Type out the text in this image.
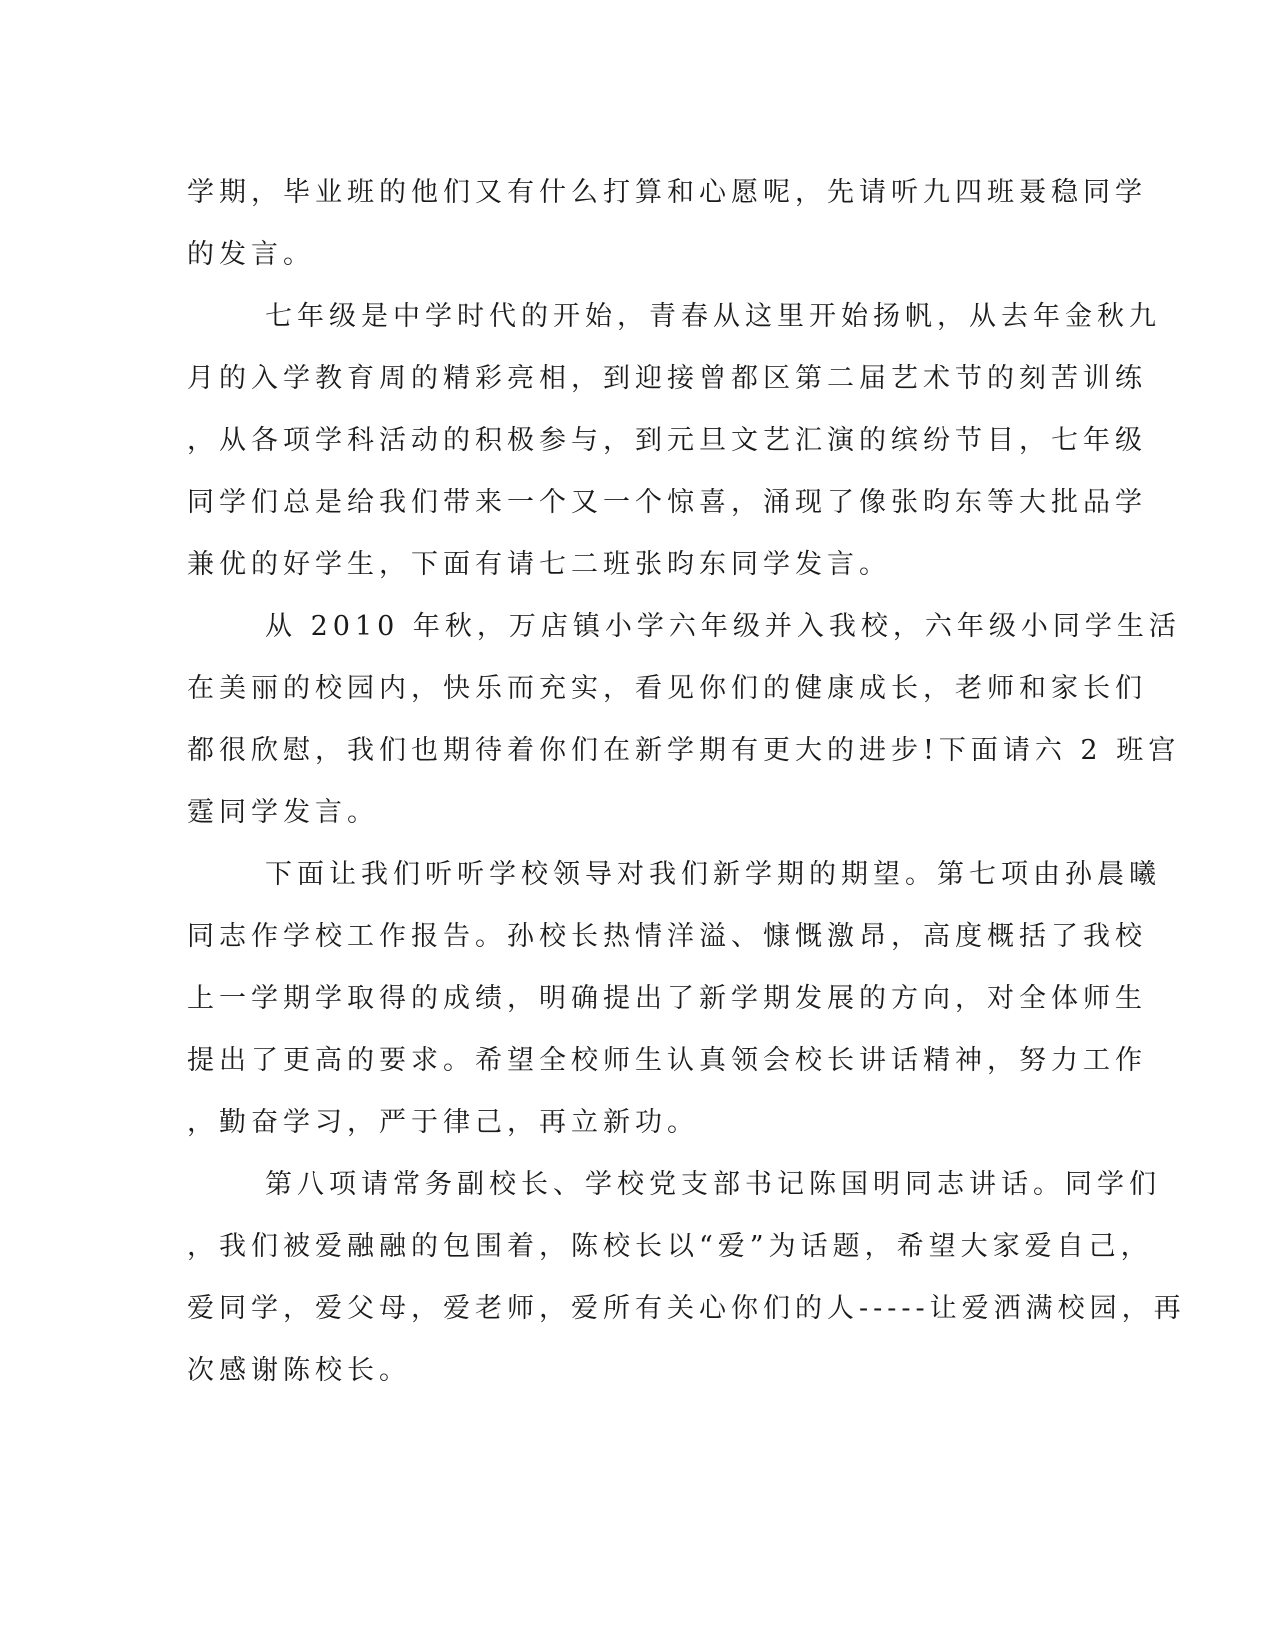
学期，毕业班的他们又有什么打算和心愿呢，先请听九四班聂稳同学
的发言。
七年级是中学时代的开始，青春从这里开始扬帆，从去年金秋九
月的入学教育周的精彩亮相，到迎接曾都区第二届艺术节的刻苦训练
，从各项学科活动的积极参与，到元旦文艺汇演的缤纷节目，七年级
同学们总是给我们带来一个又一个惊喜，涌现了像张昀东等大批品学
兼优的好学生，下面有请七二班张昀东同学发言。
从 2010 年秋，万店镇小学六年级并入我校，六年级小同学生活
在美丽的校园内，快乐而充实，看见你们的健康成长，老师和家长们
都很欣慰，我们也期待着你们在新学期有更大的进步!下面请六 2 班宫
霆同学发言。
下面让我们听听学校领导对我们新学期的期望。第七项由孙晨曦
同志作学校工作报告。孙校长热情洋溢、慷慨激昂，高度概括了我校
上一学期学取得的成绩，明确提出了新学期发展的方向，对全体师生
提出了更高的要求。希望全校师生认真领会校长讲话精神，努力工作
，勤奋学习，严于律己，再立新功。
第八项请常务副校长、学校党支部书记陈国明同志讲话。同学们
，我们被爱融融的包围着，陈校长以“爱”为话题，希望大家爱自己，
爱同学，爱父母，爱老师，爱所有关心你们的人-----让爱洒满校园，再
次感谢陈校长。
